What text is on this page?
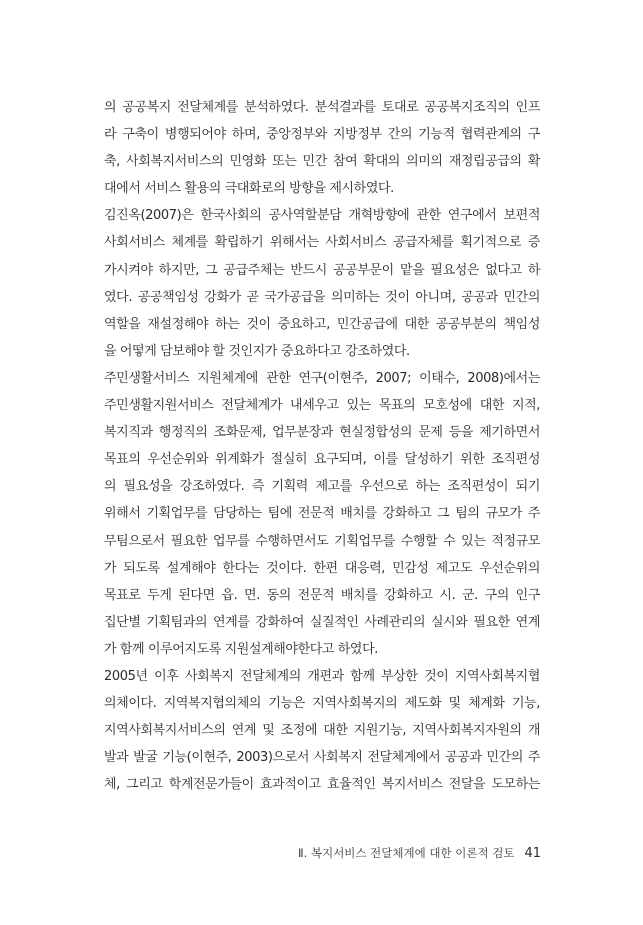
의 공공복지 전달체계를 분석하였다. 분석결과를 토대로 공공복지조직의 인프
라 구축이 병행되어야 하며, 중앙정부와 지방정부 간의 기능적 협력관계의 구
축, 사회복지서비스의 민영화 또는 민간 참여 확대의 의미의 재정립공급의 확
대에서 서비스 활용의 극대화로의 방향을 제시하였다.
김진옥(2007)은 한국사회의 공사역할분담 개혁방향에 관한 연구에서 보편적
사회서비스 체계를 확립하기 위해서는 사회서비스 공급자체를 획기적으로 증
가시켜야 하지만, 그 공급주체는 반드시 공공부문이 맡을 필요성은 없다고 하
였다. 공공책임성 강화가 곧 국가공급을 의미하는 것이 아니며, 공공과 민간의
역할을 재설정해야 하는 것이 중요하고, 민간공급에 대한 공공부분의 책임성
을 어떻게 담보해야 할 것인지가 중요하다고 강조하였다.
주민생활서비스 지원체계에 관한 연구(이현주, 2007; 이태수, 2008)에서는
주민생활지원서비스 전달체계가 내세우고 있는 목표의 모호성에 대한 지적,
복지직과 행정직의 조화문제, 업무분장과 현실정합성의 문제 등을 제기하면서
목표의 우선순위와 위계화가 절실히 요구되며, 이를 달성하기 위한 조직편성
의 필요성을 강조하였다. 즉 기획력 제고를 우선으로 하는 조직편성이 되기
위해서 기획업무를 담당하는 팀에 전문적 배치를 강화하고 그 팀의 규모가 주
무팀으로서 필요한 업무를 수행하면서도 기획업무를 수행할 수 있는 적정규모
가 되도록 설계해야 한다는 것이다. 한편 대응력, 민감성 제고도 우선순위의
목표로 두게 된다면 읍. 면. 동의 전문적 배치를 강화하고 시. 군. 구의 인구
집단별 기획팀과의 연계를 강화하여 실질적인 사례관리의 실시와 필요한 연계
가 함께 이루어지도록 지원설계해야한다고 하였다.
2005년 이후 사회복지 전달체계의 개편과 함께 부상한 것이 지역사회복지협
의체이다. 지역복지협의체의 기능은 지역사회복지의 제도화 및 체계화 기능,
지역사회복지서비스의 연계 및 조정에 대한 지원기능, 지역사회복지자원의 개
발과 발굴 기능(이현주, 2003)으로서 사회복지 전달체계에서 공공과 민간의 주
체, 그리고 학계전문가들이 효과적이고 효율적인 복지서비스 전달을 도모하는
Ⅱ. 복지서비스 전달체계에 대한 이론적 검토 41
